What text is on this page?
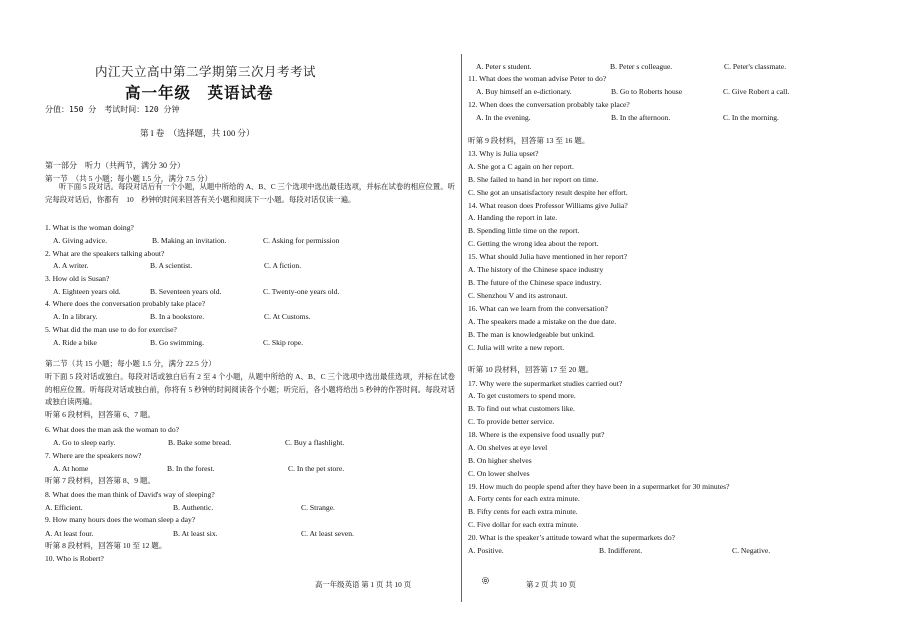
内江天立高中第二学期第三次月考考试
高一年级　英语试卷
分值：150 分　考试时间：120 分钟
第 I 卷　（选择题，共 100 分）
第一部分　听力（共两节，满分 30 分）
第一节　（共 5 小题；每小题 1.5 分，满分 7.5 分）
听下面 5 段对话。每段对话后有一个小题，从题中所给的 A、B、C 三个选项中选出最佳选项，并标在试卷的相应位置。听完每段对话后，你都有　10　秒钟的时间来回答有关小题和阅读下一小题。每段对话仅读一遍。
1. What is the woman doing?
A. Giving advice.	B. Making an invitation.	C. Asking for permission
2. What are the speakers talking about?
A. A writer.	B. A scientist.	C. A fiction.
3. How old is Susan?
A. Eighteen years old.	B. Seventeen years old.	C. Twenty-one years old.
4. Where does the conversation probably take place?
A. In a library.	B. In a bookstore.	C. At Customs.
5. What did the man use to do for exercise?
A. Ride a bike	B. Go swimming.	C. Skip rope.
第二节（共 15 小题；每小题 1.5 分，满分 22.5 分）
听下面 5 段对话或独白。每段对话或独白后有 2 至 4 个小题，从题中所给的 A、B、C 三个选项中选出最佳选项，并标在试卷的相应位置。听每段对话或独白前，你将有 5 秒钟的时间阅读各个小题；听完后，各小题将给出 5 秒钟的作答时间。每段对话或独白读两遍。
听第 6 段材料，回答第 6、7 题。
6. What does the man ask the woman to do?
A. Go to sleep early.	B. Bake some bread.	C. Buy a flashlight.
7. Where are the speakers now?
A. At home	B. In the forest.	C. In the pet store.
听第 7 段材料，回答第 8、9 题。
8. What does the man think of David's way of sleeping?
A. Efficient.	B. Authentic.	C. Strange.
9. How many hours does the woman sleep a day?
A. At least four.	B. At least six.	C. At least seven.
听第 8 段材料，回答第 10 至 12 题。
10. Who is Robert?
A. Peter s student.	B. Peter s colleague.	C. Peter's classmate.
11. What does the woman advise Peter to do?
A. Buy himself an e-dictionary.	B. Go to Roberts house	C. Give Robert a call.
12. When does the conversation probably take place?
A. In the evening.	B. In the afternoon.	C. In the morning.
听第 9 段材料，回答第 13 至 16 题。
13. Why is Julia upset?
A. She got a C again on her report.
B. She failed to hand in her report on time.
C. She got an unsatisfactory result despite her effort.
14. What reason does Professor Williams give Julia?
A. Handing the report in late.
B. Spending little time on the report.
C. Getting the wrong idea about the report.
15. What should Julia have mentioned in her report?
A. The history of the Chinese space industry
B. The future of the Chinese space industry.
C. Shenzhou V and its astronaut.
16. What can we learn from the conversation?
A. The speakers made a mistake on the due date.
B. The man is knowledgeable but unkind.
C. Julia will write a new report.
听第 10 段材料，回答第 17 至 20 题。
17. Why were the supermarket studies carried out?
A. To get customers to spend more.
B. To find out what customers like.
C. To provide better service.
18. Where is the expensive food usually put?
A. On shelves at eye level
B. On higher shelves
C. On lower shelves
19. How much do people spend after they have been in a supermarket for 30 minutes?
A. Forty cents for each extra minute.
B. Fifty cents for each extra minute.
C. Five dollar for each extra minute.
20. What is the speaker’s attitude toward what the supermarkets do?
A. Positive.	B. Indifferent.	C. Negative.
高一年级英语 第 1 页 共 10 页	第 2 页 共 10 页
